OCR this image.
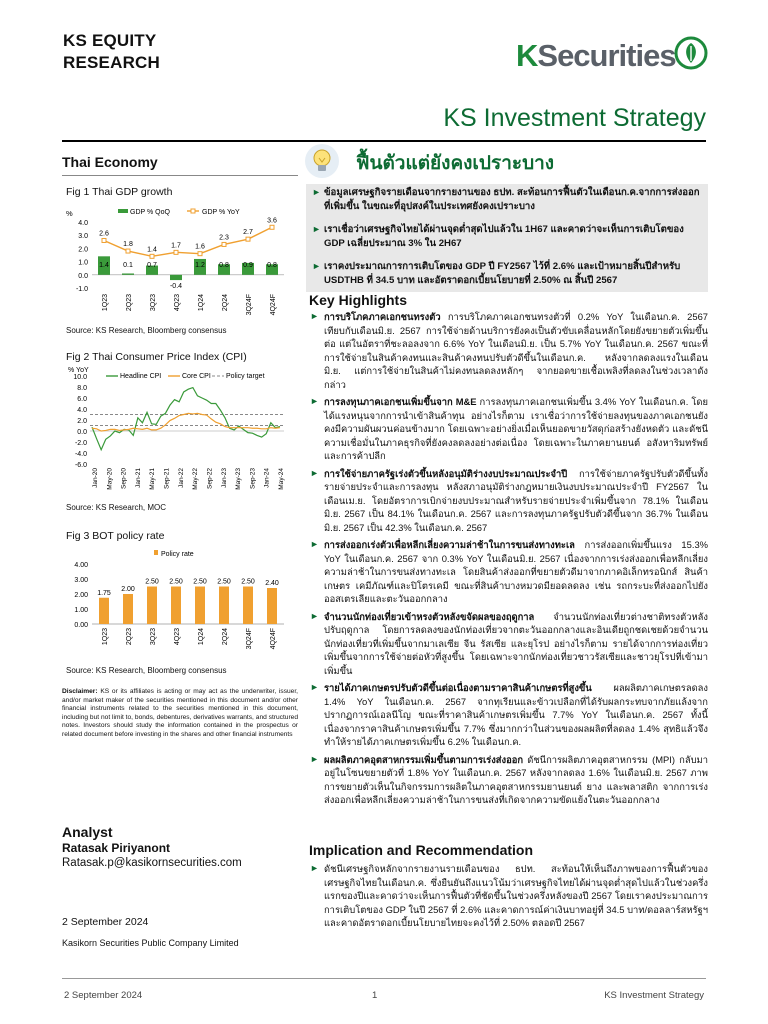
KS EQUITY
RESEARCH	KSecurities
KS Investment Strategy
Thai Economy
Fig 1 Thai GDP growth
%
4.0
3.0
2.0
1.0
0.0
-1.0
GDP % QoQ	GDP % YoY
1.4 0.1 0.7
-0.4
1.2 0.8 0.9 0.8
2.6
1.8
1.4
1.7 1.6
2.3
2.7
3.6
1Q23 2Q23 3Q23 4Q23 1Q24 2Q24 3Q24F 4Q24F
Source: KS Research, Bloomberg consensus
Fig 2 Thai Consumer Price Index (CPI)
% YoY
10.0
8.0
6.0
4.0
2.0
0.0
-2.0
-4.0
-6.0
Headline CPI	Core CPI Policy target
Jan-20 May-20 Sep-20 Jan-21 May-21 Sep-21 Jan-22 May-22 Sep-22 Jan-23 May-23 Sep-23 Jan-24 May-24
Source: KS Research, MOC
Fig 3 BOT policy rate
4.00
3.00
2.00
1.00
0.00
Policy rate
1.75
2.00
2.50 2.50 2.50 2.50 2.50 2.40
1Q23 2Q23 3Q23 4Q23 1Q24 2Q24 3Q24F 4Q24F
Source: KS Research, Bloomberg consensus
Disclaimer: KS or its affiliates is acting or may act as the underwriter, issuer, and/or market maker of the securities mentioned in this document and/or other financial instruments related to the securities mentioned in this document, including but not limit to, bonds, debentures, derivatives warrants, and structured notes. Investors should study the information contained in the prospectus or related document before investing in the shares and other financial instruments
Analyst
Ratasak Piriyanont
Ratasak.p@kasikornsecurities.com
2 September 2024
Kasikorn Securities Public Company Limited
ฟื้นตัวแต่ยังคงเปราะบาง
► ข้อมูลเศรษฐกิจรายเดือนจากรายงานของ ธปท. สะท้อนการฟื้นตัวในเดือนก.ค.จากการส่งออกที่เพิ่มขึ้น ในขณะที่อุปสงค์ในประเทศยังคงเปราะบาง
► เราเชื่อว่าเศรษฐกิจไทยได้ผ่านจุดต่ำสุดไปแล้วใน 1H67 และคาดว่าจะเห็นการเติบโตของ GDP เฉลี่ยประมาณ 3% ใน 2H67
► เราคงประมาณการการเติบโตของ GDP ปี FY2567 ไว้ที่ 2.6% และเป้าหมายสิ้นปีสำหรับ USDTHB ที่ 34.5 บาท และอัตราดอกเบี้ยนโยบายที่ 2.50% ณ สิ้นปี 2567
Key Highlights
► การบริโภคภาคเอกชนทรงตัว การบริโภคภาคเอกชนทรงตัวที่ 0.2% YoY ในเดือนก.ค. 2567 เทียบกับเดือนมิ.ย. 2567 การใช้จ่ายด้านบริการยังคงเป็นตัวขับเคลื่อนหลักโดยยังขยายตัวเพิ่มขึ้นต่อ แต่ในอัตราที่ชะลอลงจาก 6.6% YoY ในเดือนมิ.ย. เป็น 5.7% YoY ในเดือนก.ค. 2567 ขณะที่การใช้จ่ายในสินค้าคงทนและสินค้าคงทนปรับตัวดีขึ้นในเดือนก.ค. หลังจากลดลงแรงในเดือนมิ.ย. แต่การใช้จ่ายในสินค้าไม่คงทนลดลงหลักๆ จากยอดขายเชื้อเพลิงที่ลดลงในช่วงเวลาดังกล่าว
► การลงทุนภาคเอกชนเพิ่มขึ้นจาก M&E การลงทุนภาคเอกชนเพิ่มขึ้น 3.4% YoY ในเดือนก.ค. โดยได้แรงหนุนจากการนำเข้าสินค้าทุน อย่างไรก็ตาม เราเชื่อว่าการใช้จ่ายลงทุนของภาคเอกชนยังคงมีความผันผวนค่อนข้างมาก โดยเฉพาะอย่างยิ่งเมื่อเห็นยอดขายวัสดุก่อสร้างยังหดตัว และดัชนีความเชื่อมั่นในภาคธุรกิจที่ยังคงลดลงอย่างต่อเนื่อง โดยเฉพาะในภาคยานยนต์ อสังหาริมทรัพย์ และการค้าปลีก
► การใช้จ่ายภาครัฐเร่งตัวขึ้นหลังอนุมัติร่างงบประมาณประจำปี การใช้จ่ายภาครัฐปรับตัวดีขึ้นทั้งรายจ่ายประจำและการลงทุน หลังสภาอนุมัติร่างกฎหมายเงินงบประมาณประจำปี FY2567 ในเดือนเม.ย. โดยอัตราการเบิกจ่ายงบประมาณสำหรับรายจ่ายประจำเพิ่มขึ้นจาก 78.1% ในเดือนมิ.ย. 2567 เป็น 84.1% ในเดือนก.ค. 2567 และการลงทุนภาครัฐปรับตัวดีขึ้นจาก 36.7% ในเดือนมิ.ย. 2567 เป็น 42.3% ในเดือนก.ค. 2567
► การส่งออกเร่งตัวเพื่อหลีกเลี่ยงความล่าช้าในการขนส่งทางทะเล การส่งออกเพิ่มขึ้นแรง 15.3% YoY ในเดือนก.ค. 2567 จาก 0.3% YoY ในเดือนมิ.ย. 2567 เนื่องจากการเร่งส่งออกเพื่อหลีกเลี่ยงความล่าช้าในการขนส่งทางทะเล โดยสินค้าส่งออกที่ขยายตัวดีมาจากภาคอิเล็กทรอนิกส์ สินค้าเกษตร เคมีภัณฑ์และปิโตรเคมี ขณะที่สินค้าบางหมวดมียอดลดลง เช่น รถกระบะที่ส่งออกไปยังออสเตรเลียและตะวันออกกลาง
► จำนวนนักท่องเที่ยวเข้าหรงตัวหลังขจัดผลของฤดูกาล จำนวนนักท่องเที่ยวต่างชาติทรงตัวหลังปรับฤดูกาล โดยการลดลงของนักท่องเที่ยวจากตะวันออกกลางและอินเดียถูกชดเชยด้วยจำนวนนักท่องเที่ยวที่เพิ่มขึ้นจากมาเลเซีย จีน รัสเซีย และยุโรป อย่างไรก็ตาม รายได้จากการท่องเที่ยวเพิ่มขึ้นจากการใช้จ่ายต่อหัวที่สูงขึ้น โดยเฉพาะจากนักท่องเที่ยวชาวรัสเซียและชาวยุโรปที่เข้ามาเพิ่มขึ้น
► รายได้ภาคเกษตรปรับตัวดีขึ้นต่อเนื่องตามราคาสินค้าเกษตรที่สูงขึ้น ผลผลิตภาคเกษตรลดลง 1.4% YoY ในเดือนก.ค. 2567 จากทุเรียนและข้าวเปลือกที่ได้รับผลกระทบจากภัยแล้งจากปรากฏการณ์เอลนีโญ ขณะที่ราคาสินค้าเกษตรเพิ่มขึ้น 7.7% YoY ในเดือนก.ค. 2567 ทั้งนี้เนื่องจากราคาสินค้าเกษตรเพิ่มขึ้น 7.7% ซึ่งมากกว่าในส่วนของผลผลิตที่ลดลง 1.4% สุทธิแล้วจึงทำให้รายได้ภาคเกษตรเพิ่มขึ้น 6.2% ในเดือนก.ค.
► ผลผลิตภาคอุตสาหกรรมเพิ่มขึ้นตามการเร่งส่งออก ดัชนีการผลิตภาคอุตสาหกรรม (MPI) กลับมาอยู่ในโซนขยายตัวที่ 1.8% YoY ในเดือนก.ค. 2567 หลังจากลดลง 1.6% ในเดือนมิ.ย. 2567 ภาพการขยายตัวเห็นในกิจกรรมการผลิตในภาคอุตสาหกรรมยานยนต์ ยาง และพลาสติก จากการเร่งส่งออกเพื่อหลีกเลี่ยงความล่าช้าในการขนส่งที่เกิดจากความขัดแย้งในตะวันออกกลาง
Implication and Recommendation
► ดัชนีเศรษฐกิจหลักจากรายงานรายเดือนของ ธปท. สะท้อนให้เห็นถึงภาพของการฟื้นตัวของเศรษฐกิจไทยในเดือนก.ค. ซึ่งยืนยันถึงแนวโน้มว่าเศรษฐกิจไทยได้ผ่านจุดต่ำสุดไปแล้วในช่วงครึ่งแรกของปีและคาดว่าจะเห็นการฟื้นตัวที่ชัดขึ้นในช่วงครึ่งหลังของปี 2567 โดยเราคงประมาณการการเติบโตของ GDP ในปี 2567 ที่ 2.6% และคาดการณ์ค่าเงินบาทอยู่ที่ 34.5 บาท/ดอลลาร์สหรัฐฯ และคาดอัตราดอกเบี้ยนโยบายไทยจะคงไว้ที่ 2.50% ตลอดปี 2567
2 September 2024	1	KS Investment Strategy
